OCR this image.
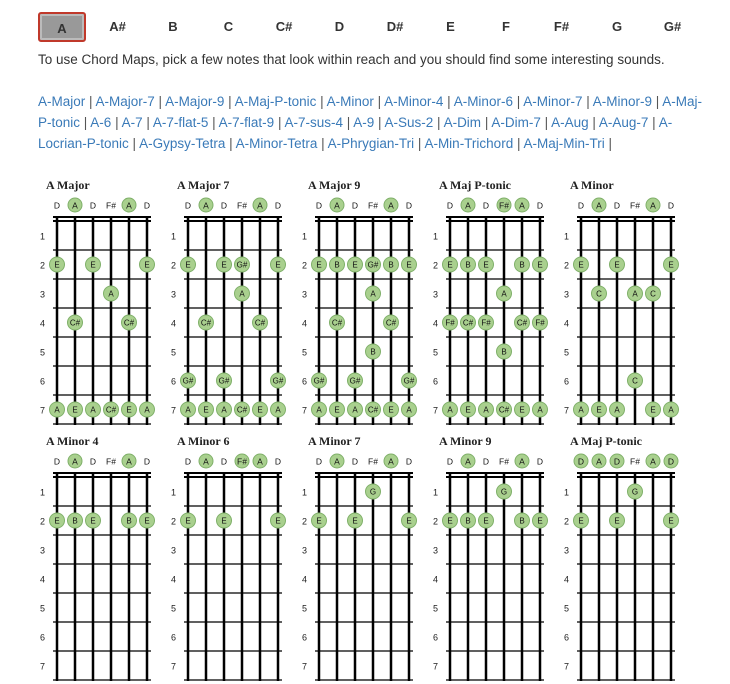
A	A#	B	C	C#	D	D#	E	F	F#	G	G#

To use Chord Maps, pick a few notes that look within reach and you should find some interesting sounds.

A-Major | A-Major-7 | A-Major-9 | A-Maj-P-tonic | A-Minor | A-Minor-4 | A-Minor-6 | A-Minor-7 | A-Minor-9 | A-Maj-P-tonic | A-6 | A-7 | A-7-flat-5 | A-7-flat-9 | A-7-sus-4 | A-9 | A-Sus-2 | A-Dim | A-Dim-7 | A-Aug | A-Aug-7 | A-Locrian-P-tonic | A-Gypsy-Tetra | A-Minor-Tetra | A-Phrygian-Tri | A-Min-Trichord | A-Maj-Min-Tri |
A Major
1
2
3
4
5
6
7
D A D F# A D
E	E	E
A
C#	C#
A E A C# E A
A Major 7
1
2
3
4
5
6
7
D A D F# A D
E	E G#	E
A
C#	C#
G#	G#	G#
A E A C# E A
A Major 9
1
2
3
4
5
6
7
D A D F# A D
E B E G# B E
A
C#	C#
B
G#	G#	G#
A E A C# E A
A Maj P-tonic
1
2
3
4
5
6
7
D A D F# A D
E B E	B E
A
F# C# F#	C# F#
B
A E A C# E A
A Minor
1
2
3
4
5
6
7
D A D F# A D
E	E	E
C	A C
C
A E A	E A
A Minor 4
1
2
3
4
5
6
7
D A D F# A D
E B E	B E
A Minor 6
1
2
3
4
5
6
7
D A D F# A D
E	E	E
A Minor 7
1
2
3
4
5
6
7
D A D F# A D
G
E	E	E
A Minor 9
1
2
3
4
5
6
7
D A D F# A D
G
E B E	B E
A Maj P-tonic
1
2
3
4
5
6
7
D A D F# A D
G
E	E	E
